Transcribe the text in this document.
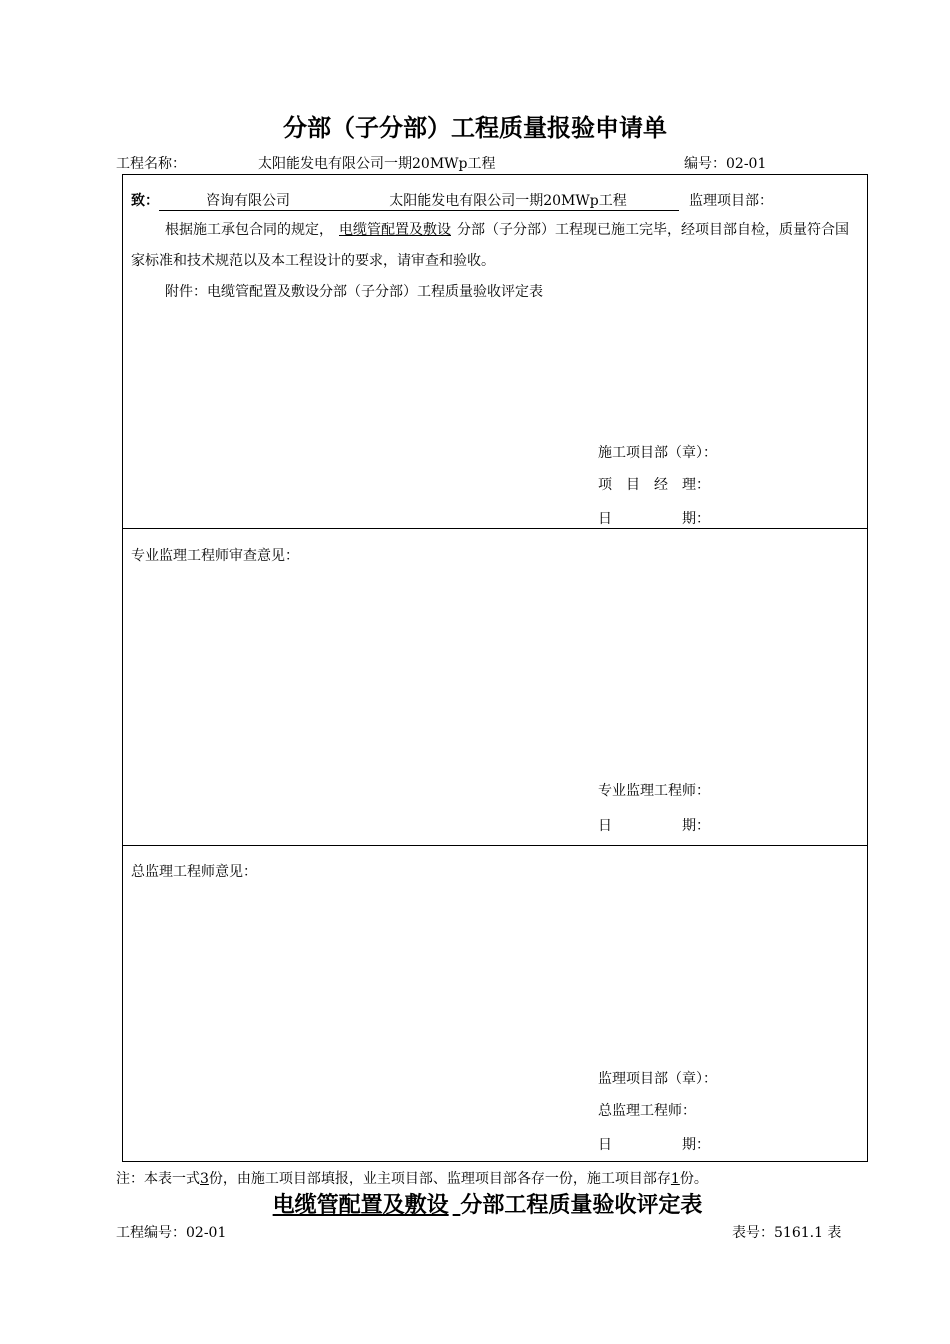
分部（子分部）工程质量报验申请单
工程名称：	太阳能发电有限公司一期20MWp工程	编号：02-01
致：	咨询有限公司	太阳能发电有限公司一期20MWp工程	监理项目部：
根据施工承包合同的规定， 电缆管配置及敷设 分部（子分部）工程现已施工完毕，经项目部自检，质量符合国家标准和技术规范以及本工程设计的要求，请审查和验收。
附件：电缆管配置及敷设分部（子分部）工程质量验收评定表
施工项目部（章）：
项　目　经　理：
日　　　　　期：
专业监理工程师审查意见：
专业监理工程师：
日　　　　　期：
总监理工程师意见：
监理项目部（章）：
总监理工程师：
日　　　　　期：
注：本表一式3份，由施工项目部填报，业主项目部、监理项目部各存一份，施工项目部存1份。
电缆管配置及敷设 分部工程质量验收评定表
工程编号：02-01	表号：5161.1 表
